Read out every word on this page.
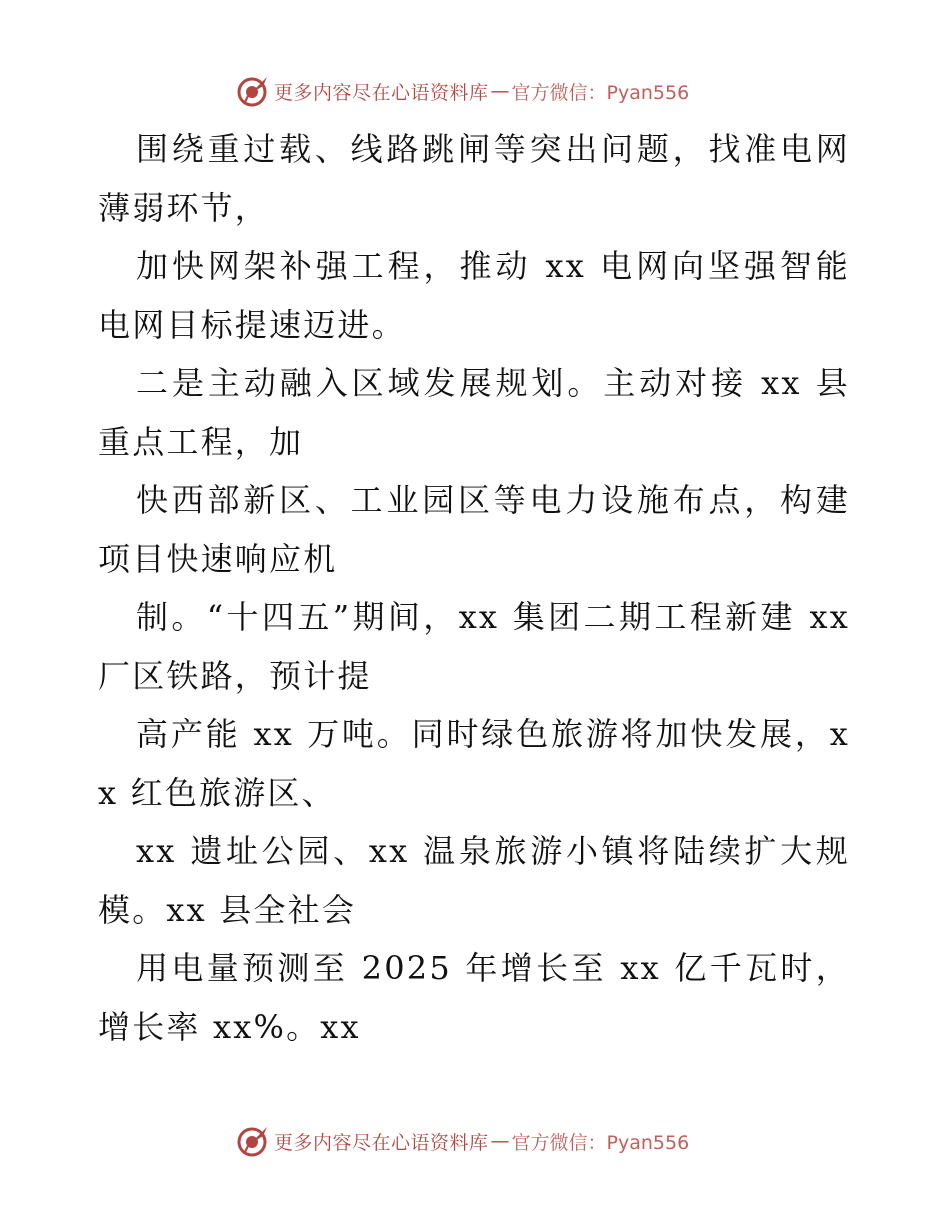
更多内容尽在心语资料库 — 官方微信：Pyan556

围绕重过载、线路跳闸等突出问题，找准电网薄弱环节，

加快网架补强工程，推动 xx 电网向坚强智能电网目标提速迈进。

二是主动融入区域发展规划。主动对接 xx 县重点工程，加

快西部新区、工业园区等电力设施布点，构建项目快速响应机

制。“十四五”期间，xx 集团二期工程新建 xx 厂区铁路，预计提

高产能 xx 万吨。同时绿色旅游将加快发展，xx 红色旅游区、

xx 遗址公园、xx 温泉旅游小镇将陆续扩大规模。xx 县全社会

用电量预测至 2025 年增长至 xx 亿千瓦时，增长率 xx%。xx

更多内容尽在心语资料库 — 官方微信：Pyan556
